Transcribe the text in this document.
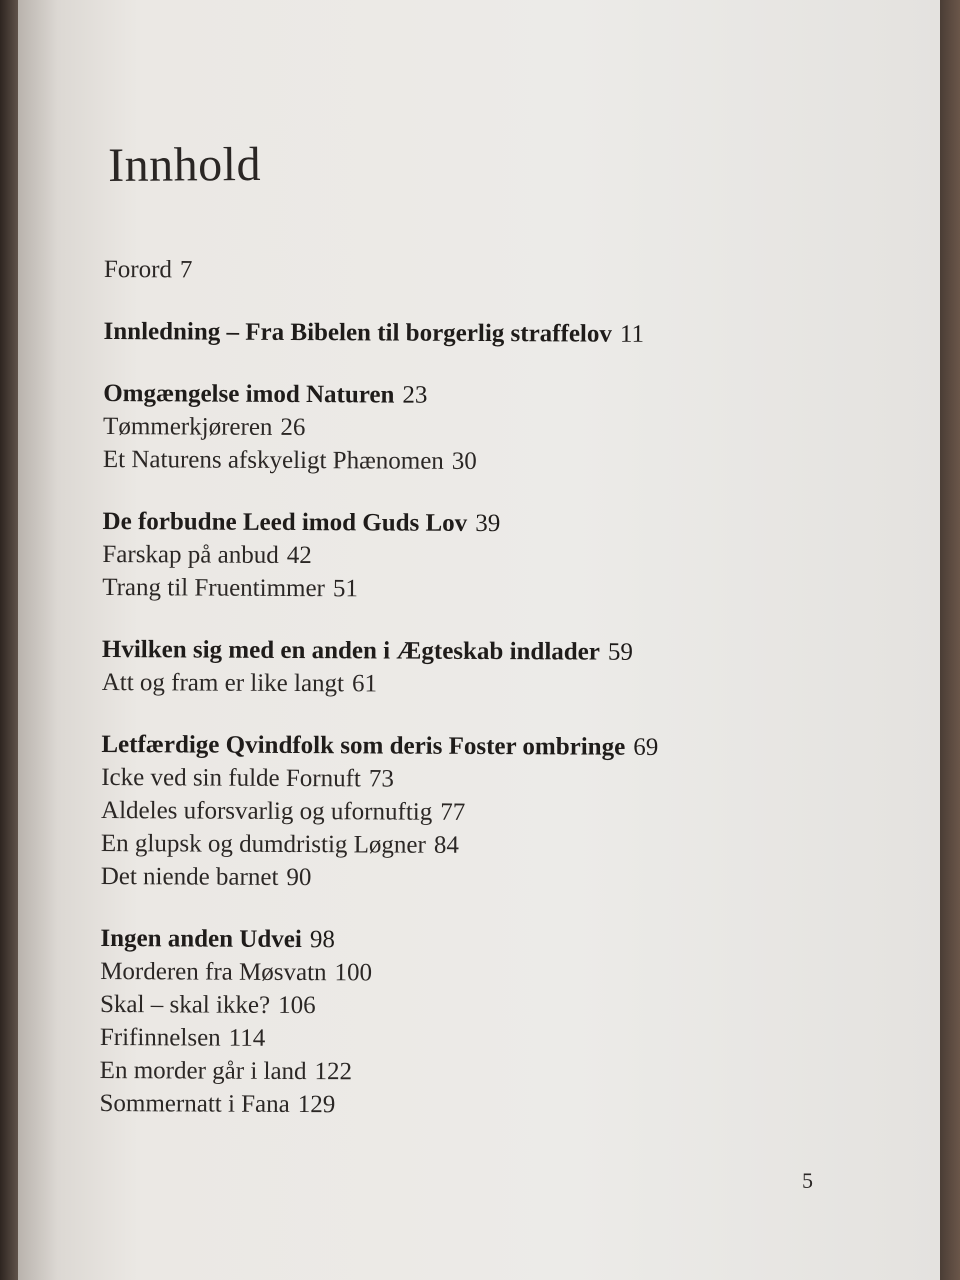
Innhold
Forord 7
Innledning – Fra Bibelen til borgerlig straffelov 11
Omgængelse imod Naturen 23
Tømmerkjøreren 26
Et Naturens afskyeligt Phænomen 30
De forbudne Leed imod Guds Lov 39
Farskap på anbud 42
Trang til Fruentimmer 51
Hvilken sig med en anden i Ægteskab indlader 59
Att og fram er like langt 61
Letfærdige Qvindfolk som deris Foster ombringe 69
Icke ved sin fulde Fornuft 73
Aldeles uforsvarlig og ufornuftig 77
En glupsk og dumdristig Løgner 84
Det niende barnet 90
Ingen anden Udvei 98
Morderen fra Møsvatn 100
Skal – skal ikke? 106
Frifinnelsen 114
En morder går i land 122
Sommernatt i Fana 129
5
